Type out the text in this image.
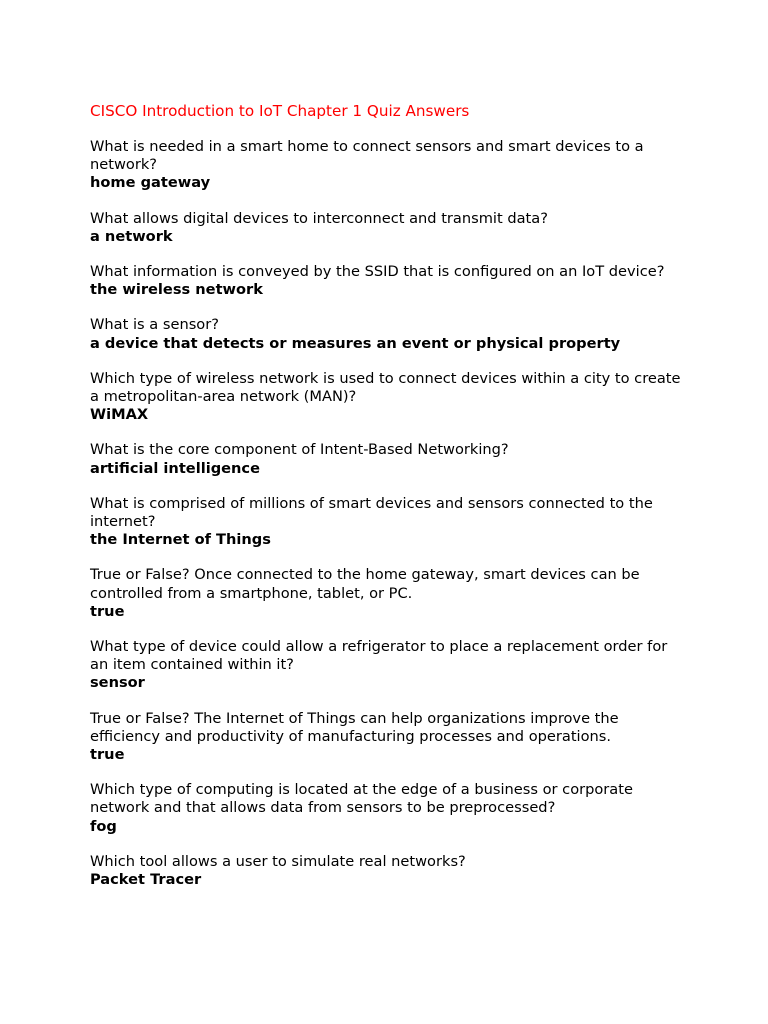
CISCO Introduction to IoT Chapter 1 Quiz Answers
What is needed in a smart home to connect sensors and smart devices to a network?
home gateway
What allows digital devices to interconnect and transmit data?
a network
What information is conveyed by the SSID that is configured on an IoT device?
the wireless network
What is a sensor?
a device that detects or measures an event or physical property
Which type of wireless network is used to connect devices within a city to create a metropolitan-area network (MAN)?
WiMAX
What is the core component of Intent-Based Networking?
artificial intelligence
What is comprised of millions of smart devices and sensors connected to the internet?
the Internet of Things
True or False? Once connected to the home gateway, smart devices can be controlled from a smartphone, tablet, or PC.
true
What type of device could allow a refrigerator to place a replacement order for an item contained within it?
sensor
True or False? The Internet of Things can help organizations improve the efficiency and productivity of manufacturing processes and operations.
true
Which type of computing is located at the edge of a business or corporate network and that allows data from sensors to be preprocessed?
fog
Which tool allows a user to simulate real networks?
Packet Tracer
